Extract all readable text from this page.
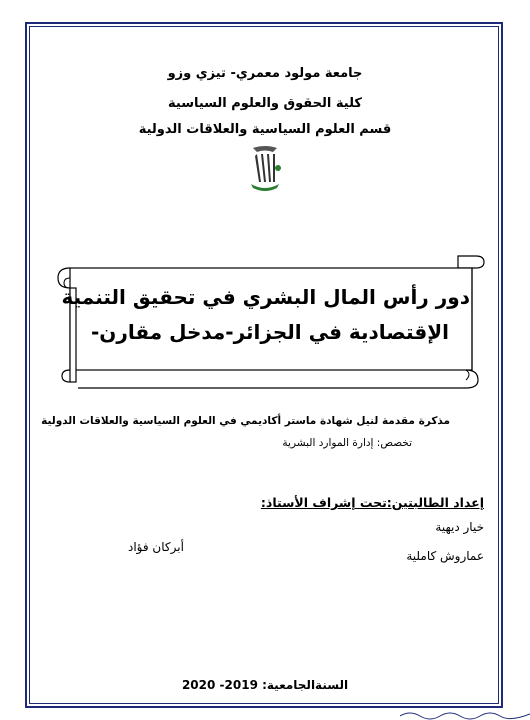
جامعة مولود معمري- تيزي وزو
كلية الحقوق والعلوم السياسية
قسم العلوم السياسية والعلاقات الدولية
دور رأس المال البشري في تحقيق التنمية
الإقتصادية في الجزائر-مدخل مقارن-
مذكرة مقدمة لنيل شهادة ماستر أكاديمي في العلوم السياسية والعلاقات الدولية
تخصص: إدارة الموارد البشرية
إعداد الطالبتين:تحت إشراف الأستاذ:
خيار ديهية
عماروش كاملية
أبركان فؤاد
السنةالجامعية: 2019- 2020
